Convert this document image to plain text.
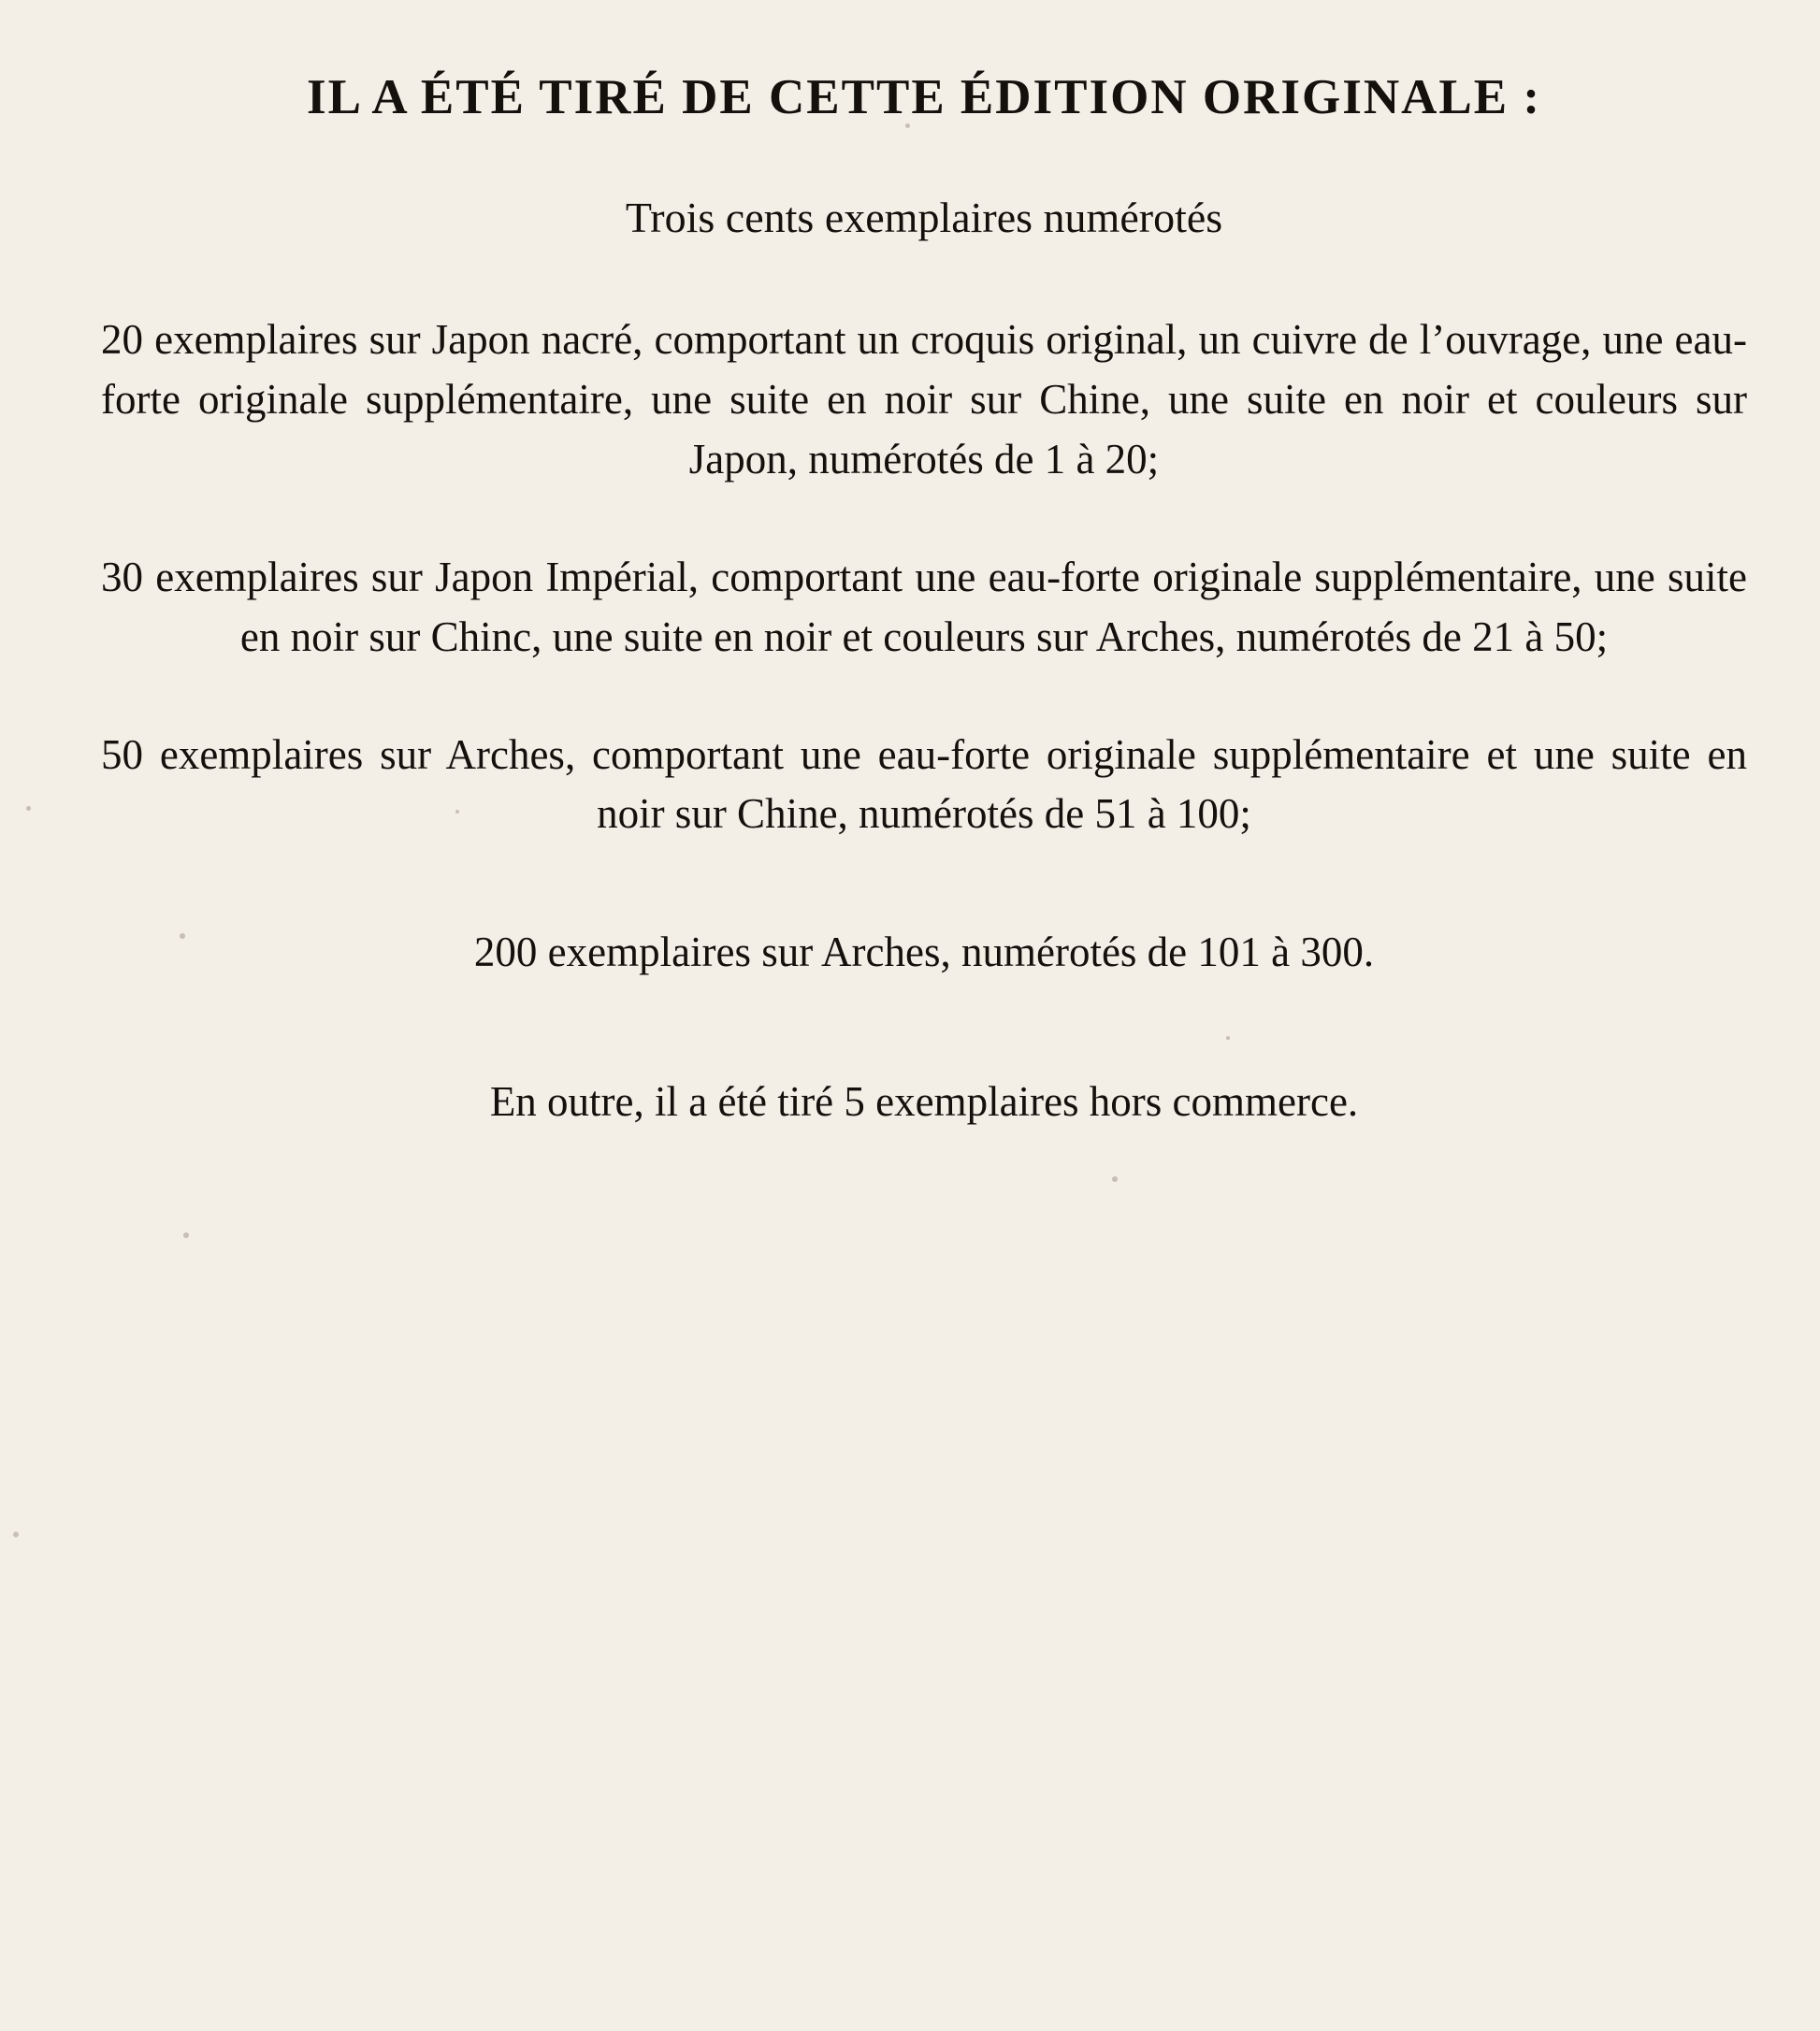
IL A ÉTÉ TIRÉ DE CETTE ÉDITION ORIGINALE :

Trois cents exemplaires numérotés

20 exemplaires sur Japon nacré, comportant un croquis original, un cuivre de l’ouvrage, une eau-forte originale supplémentaire, une suite en noir sur Chine, une suite en noir et couleurs sur Japon, numérotés de 1 à 20;

30 exemplaires sur Japon Impérial, comportant une eau-forte originale supplémentaire, une suite en noir sur Chinc, une suite en noir et couleurs sur Arches, numérotés de 21 à 50;

50 exemplaires sur Arches, comportant une eau-forte originale supplémentaire et une suite en noir sur Chine, numérotés de 51 à 100;

200 exemplaires sur Arches, numérotés de 101 à 300.

En outre, il a été tiré 5 exemplaires hors commerce.
